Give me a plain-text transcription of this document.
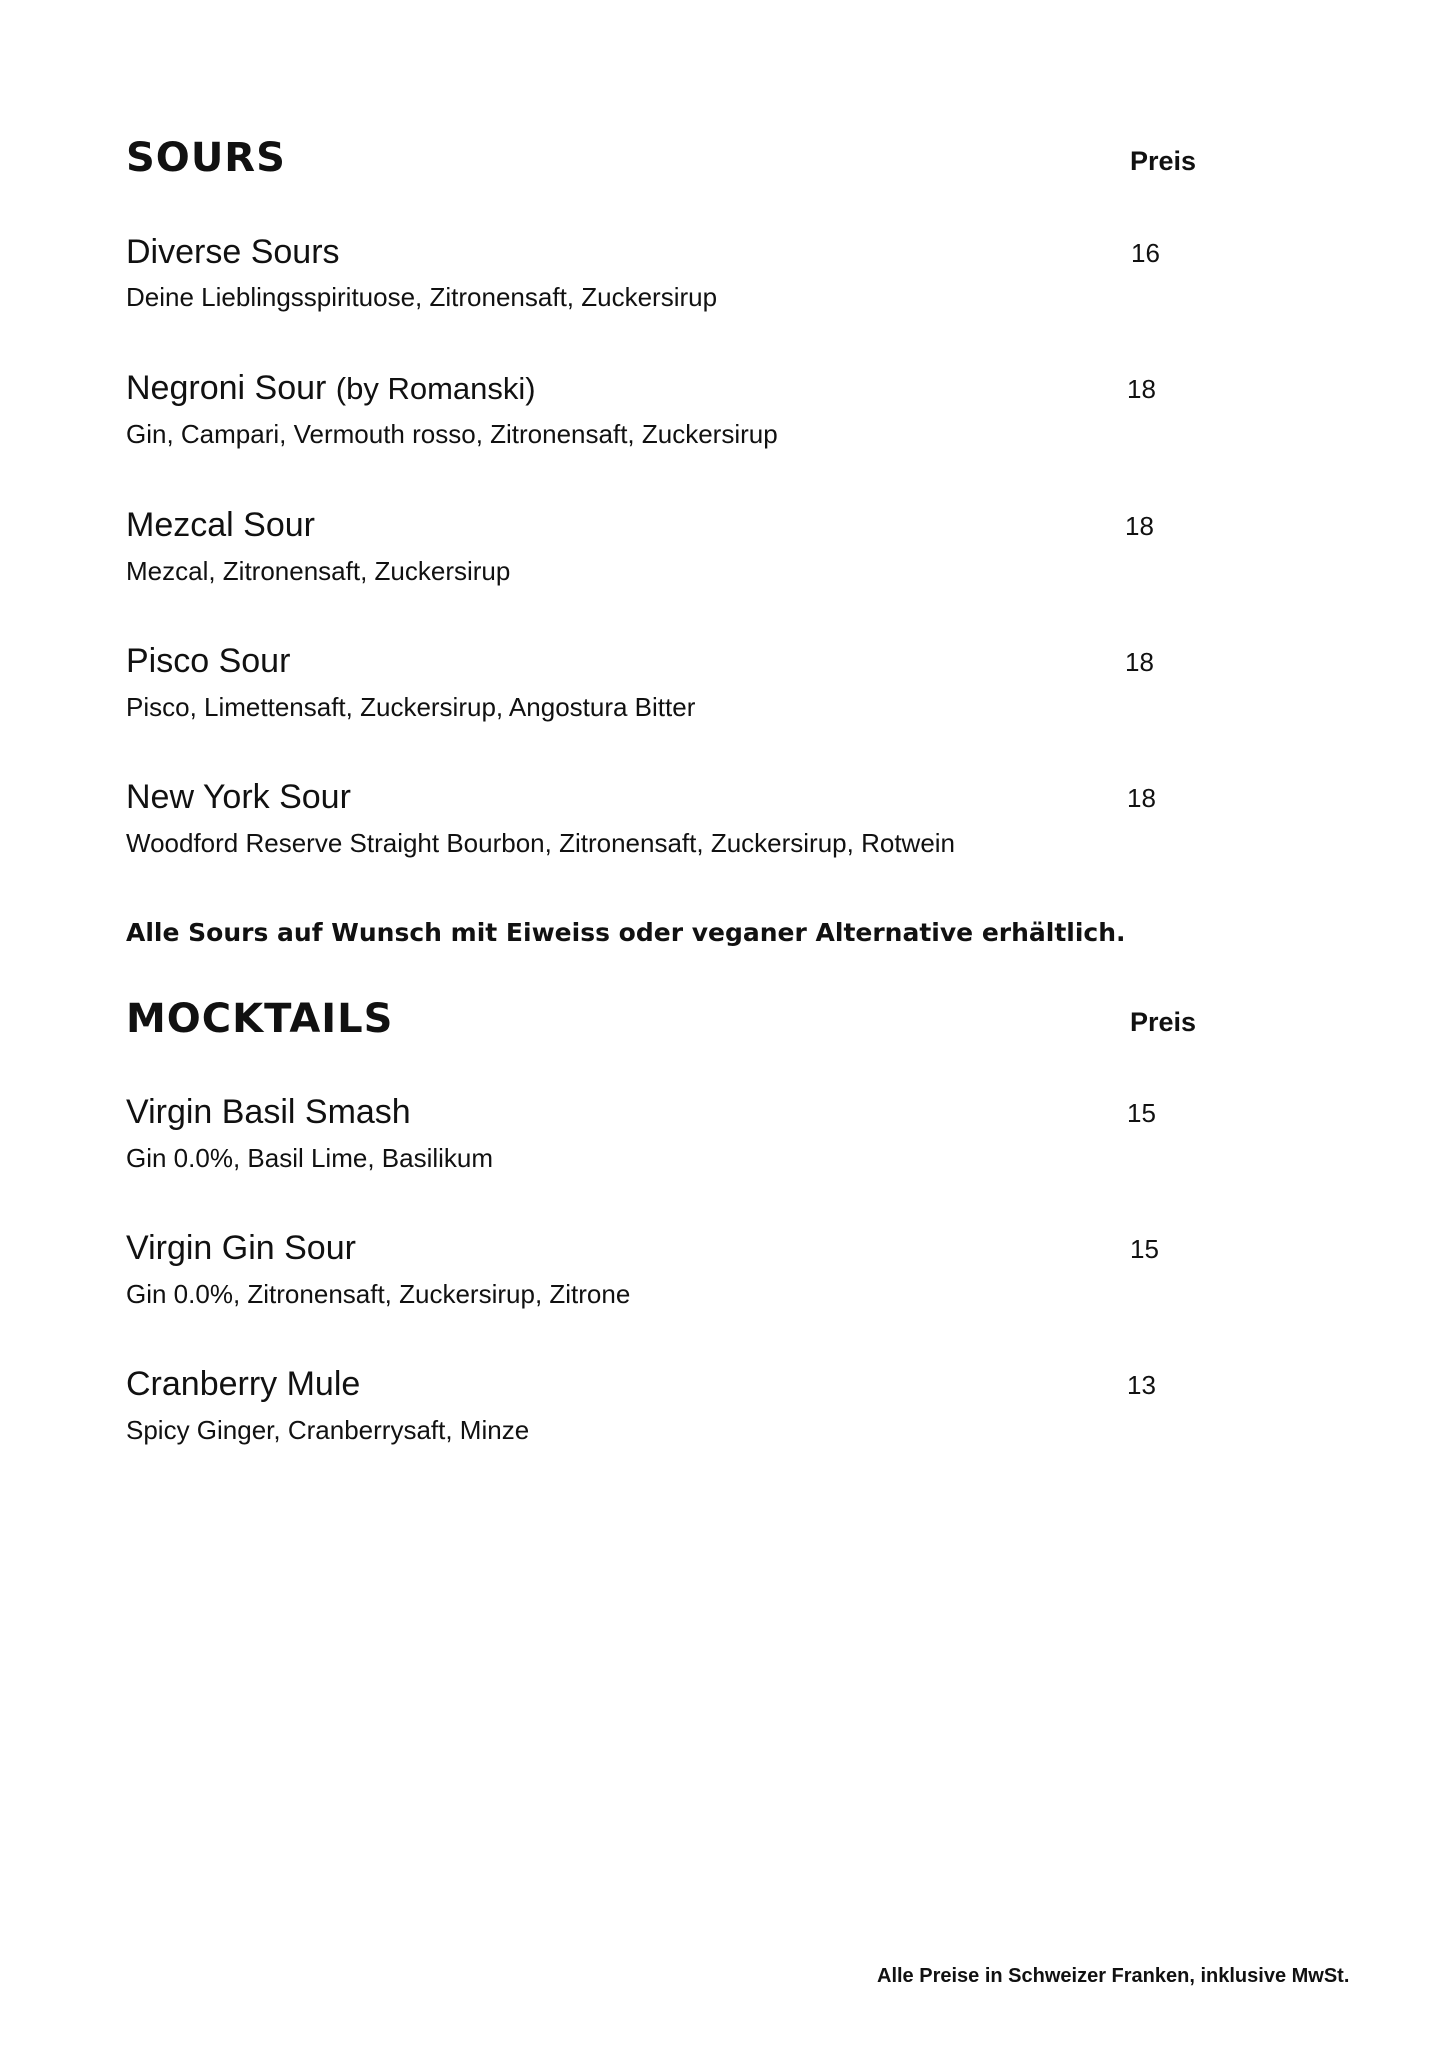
SOURS	Preis
Diverse Sours	16
Deine Lieblingsspirituose, Zitronensaft, Zuckersirup
Negroni Sour (by Romanski)	18
Gin, Campari, Vermouth rosso, Zitronensaft, Zuckersirup
Mezcal Sour	18
Mezcal, Zitronensaft, Zuckersirup
Pisco Sour	18
Pisco, Limettensaft, Zuckersirup, Angostura Bitter
New York Sour	18
Woodford Reserve Straight Bourbon, Zitronensaft, Zuckersirup, Rotwein
Alle Sours auf Wunsch mit Eiweiss oder veganer Alternative erhältlich.
MOCKTAILS	Preis
Virgin Basil Smash	15
Gin 0.0%, Basil Lime, Basilikum
Virgin Gin Sour	15
Gin 0.0%, Zitronensaft, Zuckersirup, Zitrone
Cranberry Mule	13
Spicy Ginger, Cranberrysaft, Minze
Alle Preise in Schweizer Franken, inklusive MwSt.
